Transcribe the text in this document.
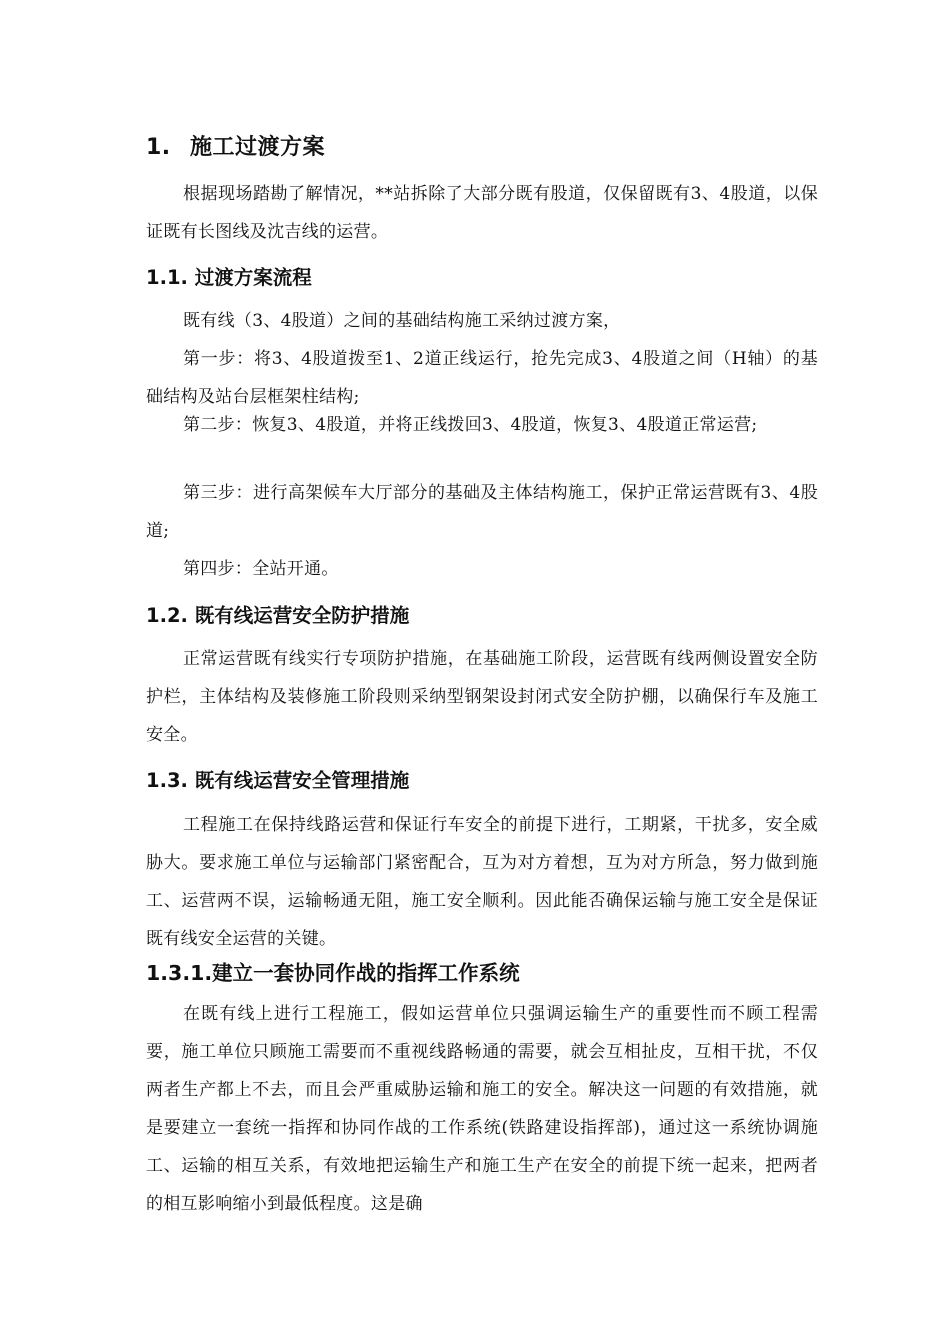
1. 施工过渡方案
根据现场踏勘了解情况，**站拆除了大部分既有股道，仅保留既有3、4股道，以保证既有长图线及沈吉线的运营。
1.1. 过渡方案流程
既有线（3、4股道）之间的基础结构施工采纳过渡方案，
第一步：将3、4股道拨至1、2道正线运行，抢先完成3、4股道之间（H轴）的基础结构及站台层框架柱结构;
第二步：恢复3、4股道，并将正线拨回3、4股道，恢复3、4股道正常运营;
第三步：进行高架候车大厅部分的基础及主体结构施工，保护正常运营既有3、4股道;
第四步：全站开通。
1.2. 既有线运营安全防护措施
正常运营既有线实行专项防护措施，在基础施工阶段，运营既有线两侧设置安全防护栏，主体结构及装修施工阶段则采纳型钢架设封闭式安全防护棚，以确保行车及施工安全。
1.3. 既有线运营安全管理措施
工程施工在保持线路运营和保证行车安全的前提下进行，工期紧，干扰多，安全威胁大。要求施工单位与运输部门紧密配合，互为对方着想，互为对方所急，努力做到施工、运营两不误，运输畅通无阻，施工安全顺利。因此能否确保运输与施工安全是保证既有线安全运营的关键。
1.3.1.建立一套协同作战的指挥工作系统
在既有线上进行工程施工，假如运营单位只强调运输生产的重要性而不顾工程需要，施工单位只顾施工需要而不重视线路畅通的需要，就会互相扯皮，互相干扰，不仅两者生产都上不去，而且会严重威胁运输和施工的安全。解决这一问题的有效措施，就是要建立一套统一指挥和协同作战的工作系统(铁路建设指挥部)，通过这一系统协调施工、运输的相互关系，有效地把运输生产和施工生产在安全的前提下统一起来，把两者的相互影响缩小到最低程度。这是确
